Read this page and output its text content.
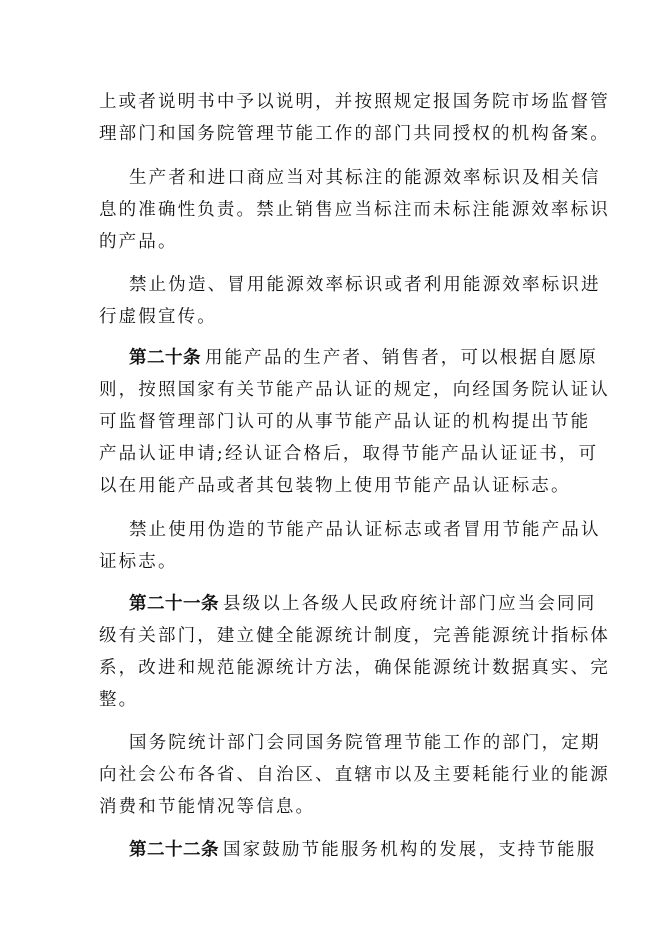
上或者说明书中予以说明，并按照规定报国务院市场监督管
理部门和国务院管理节能工作的部门共同授权的机构备案。
生产者和进口商应当对其标注的能源效率标识及相关信
息的准确性负责。禁止销售应当标注而未标注能源效率标识
的产品。
禁止伪造、冒用能源效率标识或者利用能源效率标识进
行虚假宣传。
第二十条 用能产品的生产者、销售者，可以根据自愿原
则，按照国家有关节能产品认证的规定，向经国务院认证认
可监督管理部门认可的从事节能产品认证的机构提出节能
产品认证申请;经认证合格后，取得节能产品认证证书，可
以在用能产品或者其包装物上使用节能产品认证标志。
禁止使用伪造的节能产品认证标志或者冒用节能产品认
证标志。
第二十一条 县级以上各级人民政府统计部门应当会同同
级有关部门，建立健全能源统计制度，完善能源统计指标体
系，改进和规范能源统计方法，确保能源统计数据真实、完
整。
国务院统计部门会同国务院管理节能工作的部门，定期
向社会公布各省、自治区、直辖市以及主要耗能行业的能源
消费和节能情况等信息。
第二十二条 国家鼓励节能服务机构的发展，支持节能服
